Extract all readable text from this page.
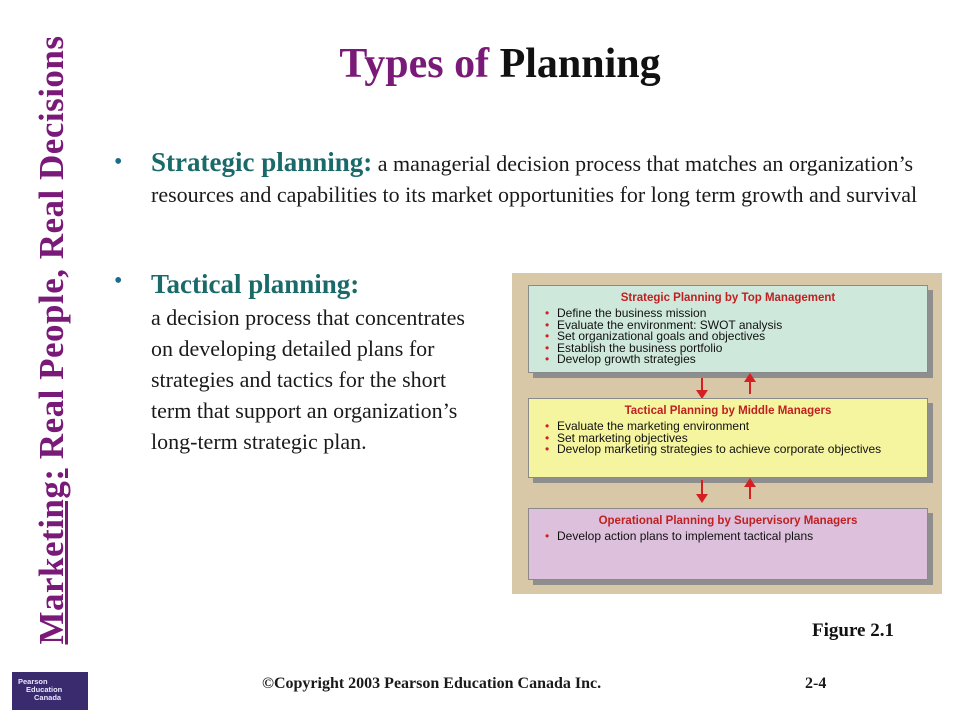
Marketing: Real People, Real Decisions	Types of Planning
• Strategic planning: a managerial decision process that matches an organization’s resources and capabilities to its market opportunities for long term growth and survival
• Tactical planning:
a decision process that concentrates on developing detailed plans for strategies and tactics for the short term that support an organization’s long-term strategic plan.
Strategic Planning by Top Management
• Define the business mission
• Evaluate the environment: SWOT analysis
• Set organizational goals and objectives
• Establish the business portfolio
• Develop growth strategies
Tactical Planning by Middle Managers
• Evaluate the marketing environment
• Set marketing objectives
• Develop marketing strategies to achieve corporate objectives
Operational Planning by Supervisory Managers
• Develop action plans to implement tactical plans
Figure 2.1
Pearson
Education
Canada
©Copyright 2003 Pearson Education Canada Inc.	2-4
